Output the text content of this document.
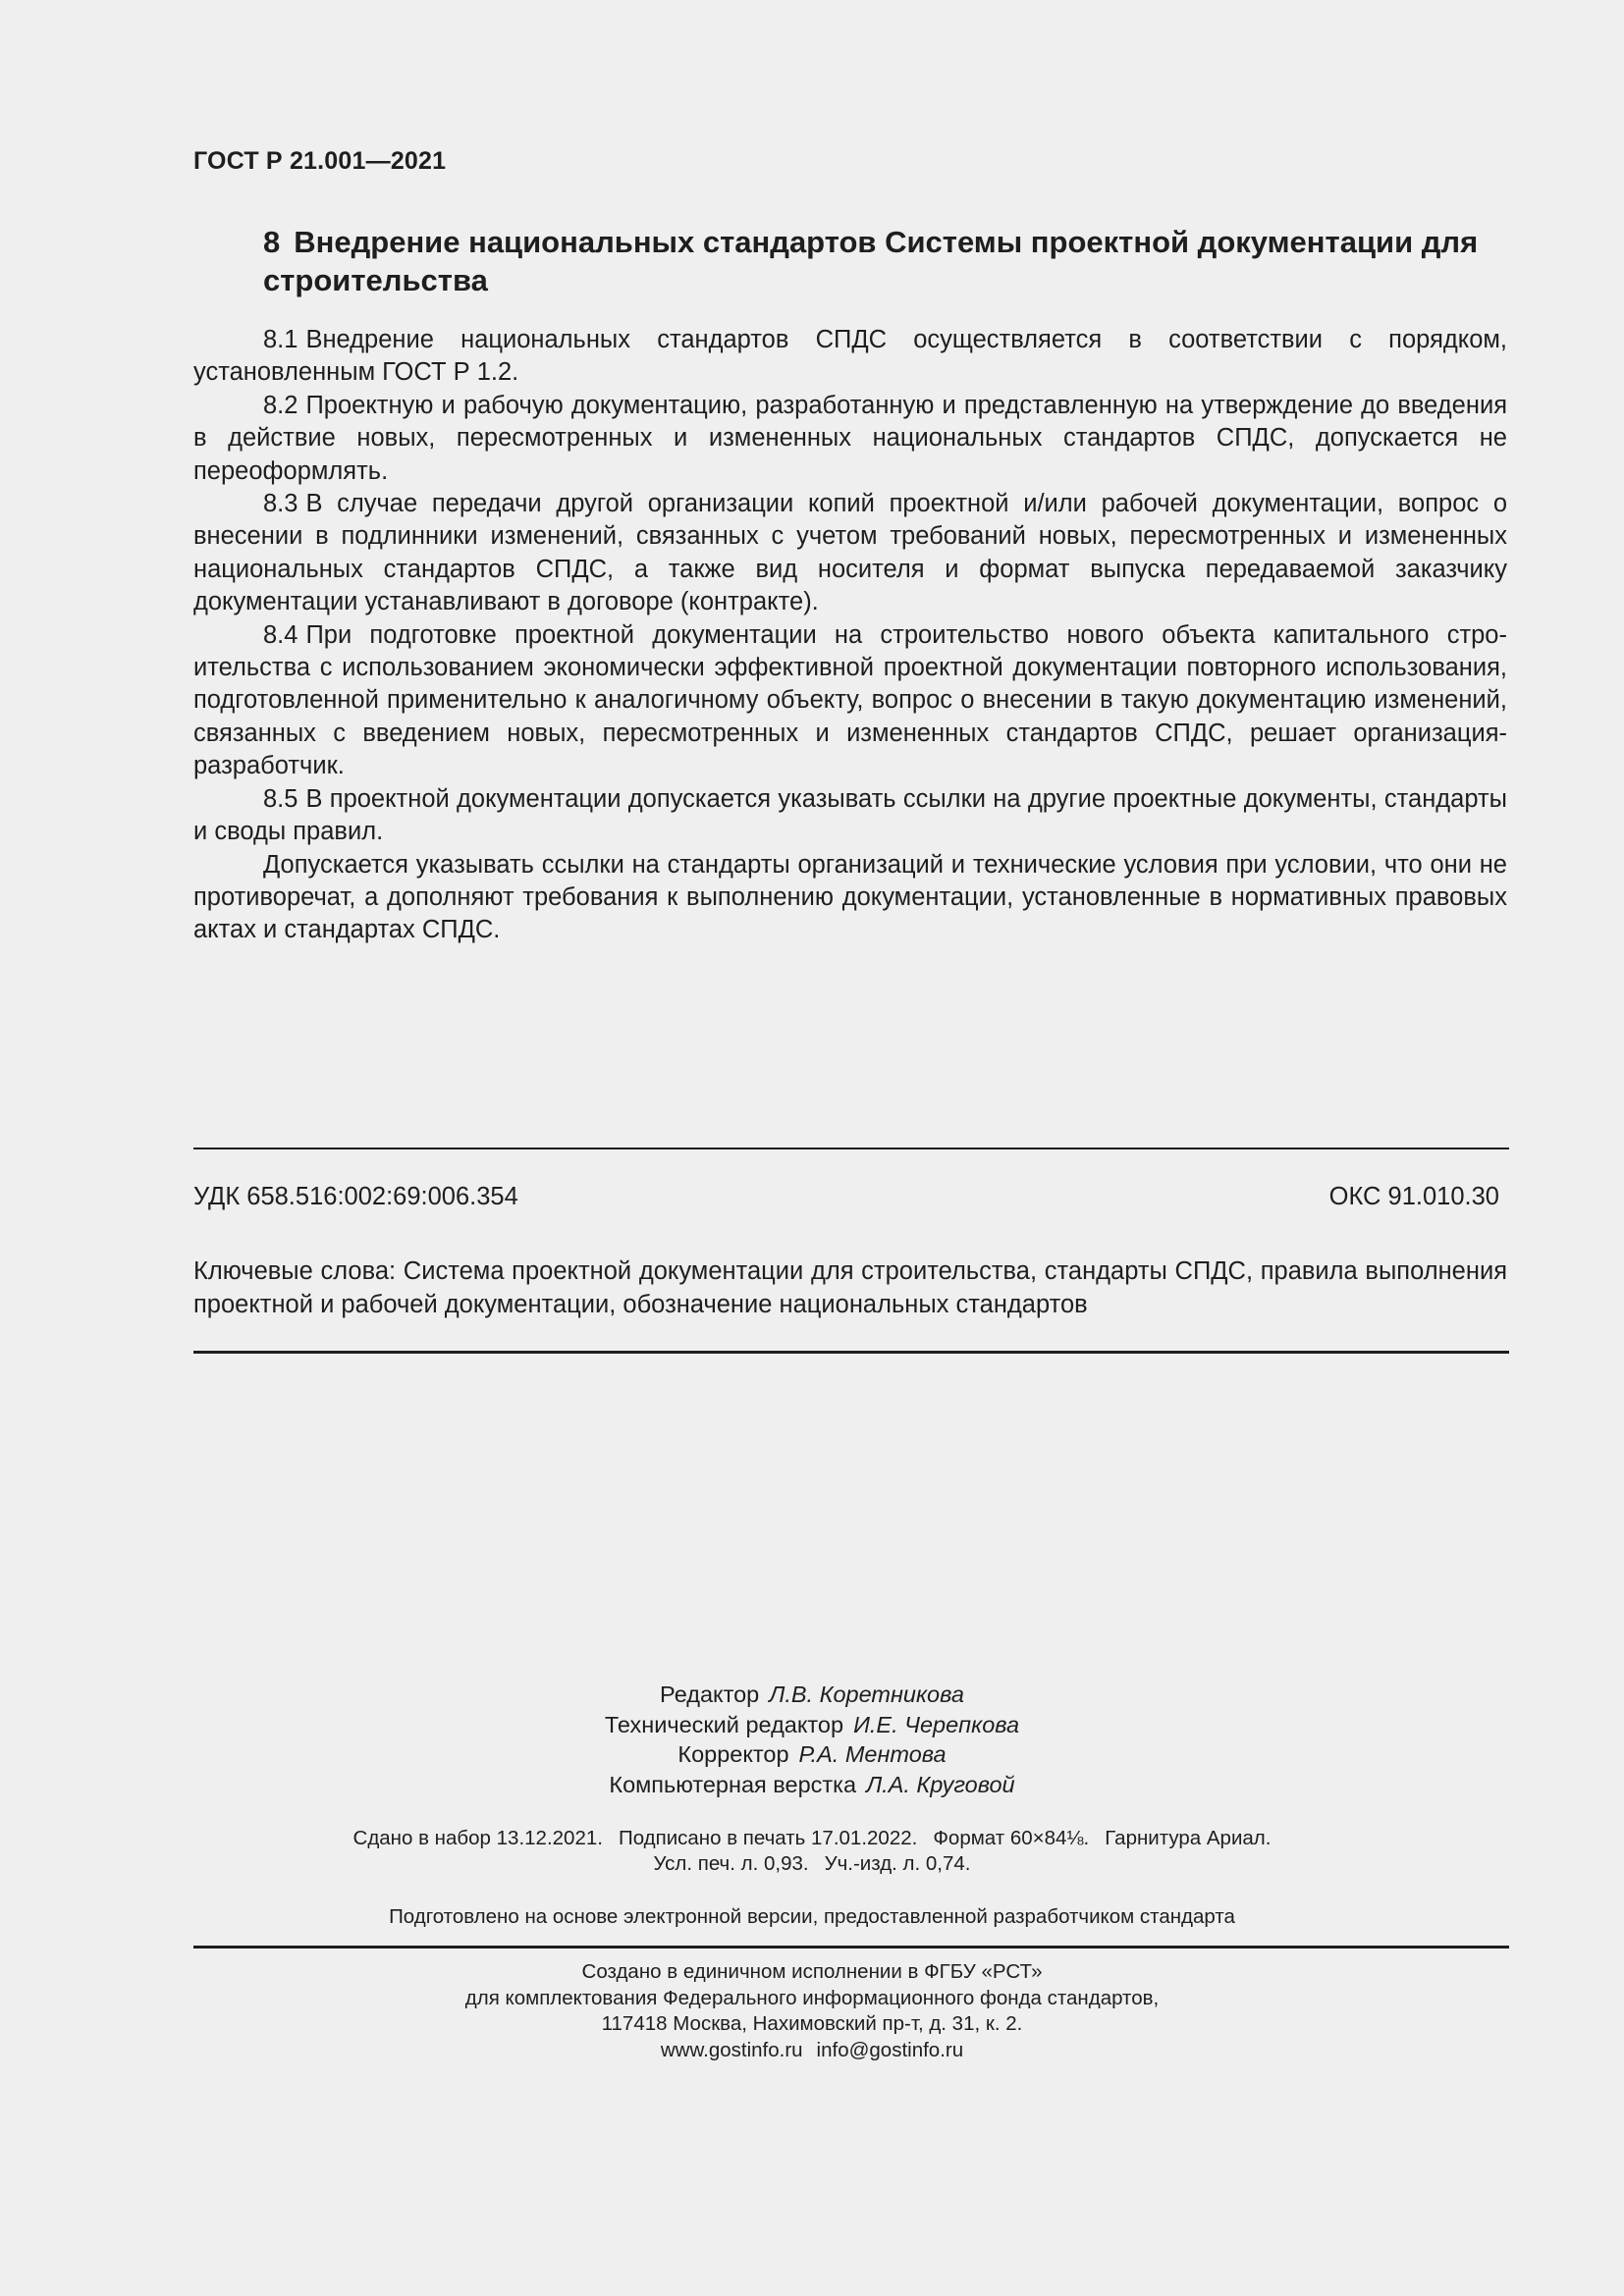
ГОСТ Р 21.001—2021
8 Внедрение национальных стандартов Системы проектной документации для строительства

8.1 Внедрение национальных стандартов СПДС осуществляется в соответствии с порядком, установленным ГОСТ Р 1.2.

8.2 Проектную и рабочую документацию, разработанную и представленную на утверждение до введения в действие новых, пересмотренных и измененных национальных стандартов СПДС, допускается не переоформлять.

8.3 В случае передачи другой организации копий проектной и/или рабочей документации, вопрос о внесении в подлинники изменений, связанных с учетом требований новых, пересмотренных и измененных национальных стандартов СПДС, а также вид носителя и формат выпуска передаваемой заказчику документации устанавливают в договоре (контракте).

8.4 При подготовке проектной документации на строительство нового объекта капитального строительства с использованием экономически эффективной проектной документации повторного использования, подготовленной применительно к аналогичному объекту, вопрос о внесении в такую документацию изменений, связанных с введением новых, пересмотренных и измененных стандартов СПДС, решает организация-разработчик.

8.5 В проектной документации допускается указывать ссылки на другие проектные документы, стандарты и своды правил.

Допускается указывать ссылки на стандарты организаций и технические условия при условии, что они не противоречат, а дополняют требования к выполнению документации, установленные в нормативных правовых актах и стандартах СПДС.

УДК 658.516:002:69:006.354	ОКС 91.010.30
Ключевые слова: Система проектной документации для строительства, стандарты СПДС, правила выполнения проектной и рабочей документации, обозначение национальных стандартов
Редактор Л.В. Коретникова
Технический редактор И.Е. Черепкова
Корректор Р.А. Ментова
Компьютерная верстка Л.А. Круговой
Сдано в набор 13.12.2021. Подписано в печать 17.01.2022. Формат 60×84⅛. Гарнитура Ариал.
Усл. печ. л. 0,93. Уч.-изд. л. 0,74.
Подготовлено на основе электронной версии, предоставленной разработчиком стандарта
Создано в единичном исполнении в ФГБУ «РСТ»
для комплектования Федерального информационного фонда стандартов,
117418 Москва, Нахимовский пр-т, д. 31, к. 2.
www.gostinfo.ru info@gostinfo.ru
